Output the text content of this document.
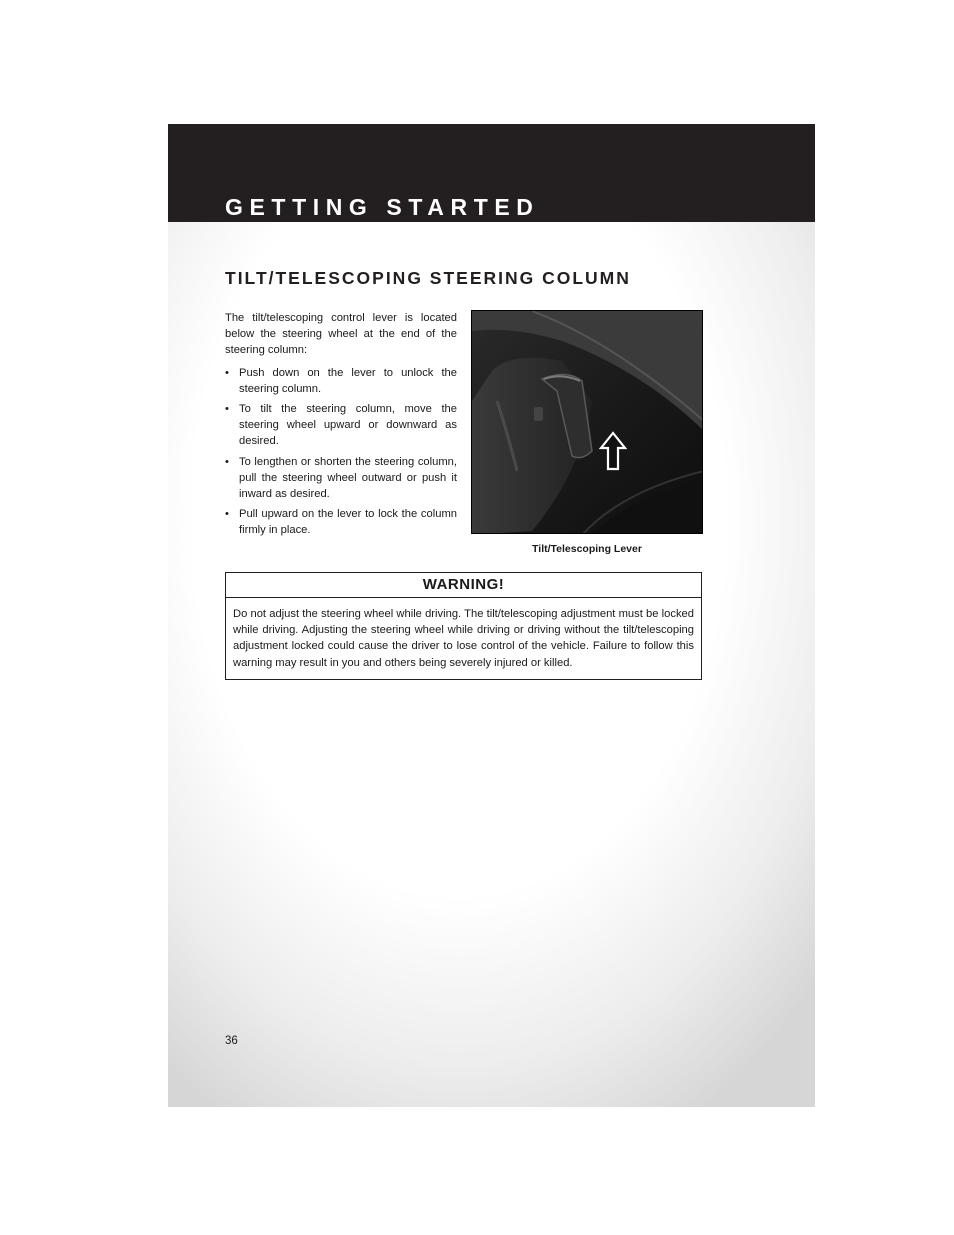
GETTING STARTED
TILT/TELESCOPING STEERING COLUMN

The tilt/telescoping control lever is located below the steering wheel at the end of the steering column:

• Push down on the lever to unlock the steering column.
• To tilt the steering column, move the steering wheel upward or downward as desired.
• To lengthen or shorten the steering column, pull the steering wheel outward or push it inward as desired.
• Pull upward on the lever to lock the column firmly in place.
Tilt/Telescoping Lever
WARNING!
Do not adjust the steering wheel while driving. The tilt/telescoping adjustment must be locked while driving. Adjusting the steering wheel while driving or driving without the tilt/telescoping adjustment locked could cause the driver to lose control of the vehicle. Failure to follow this warning may result in you and others being severely injured or killed.
36
